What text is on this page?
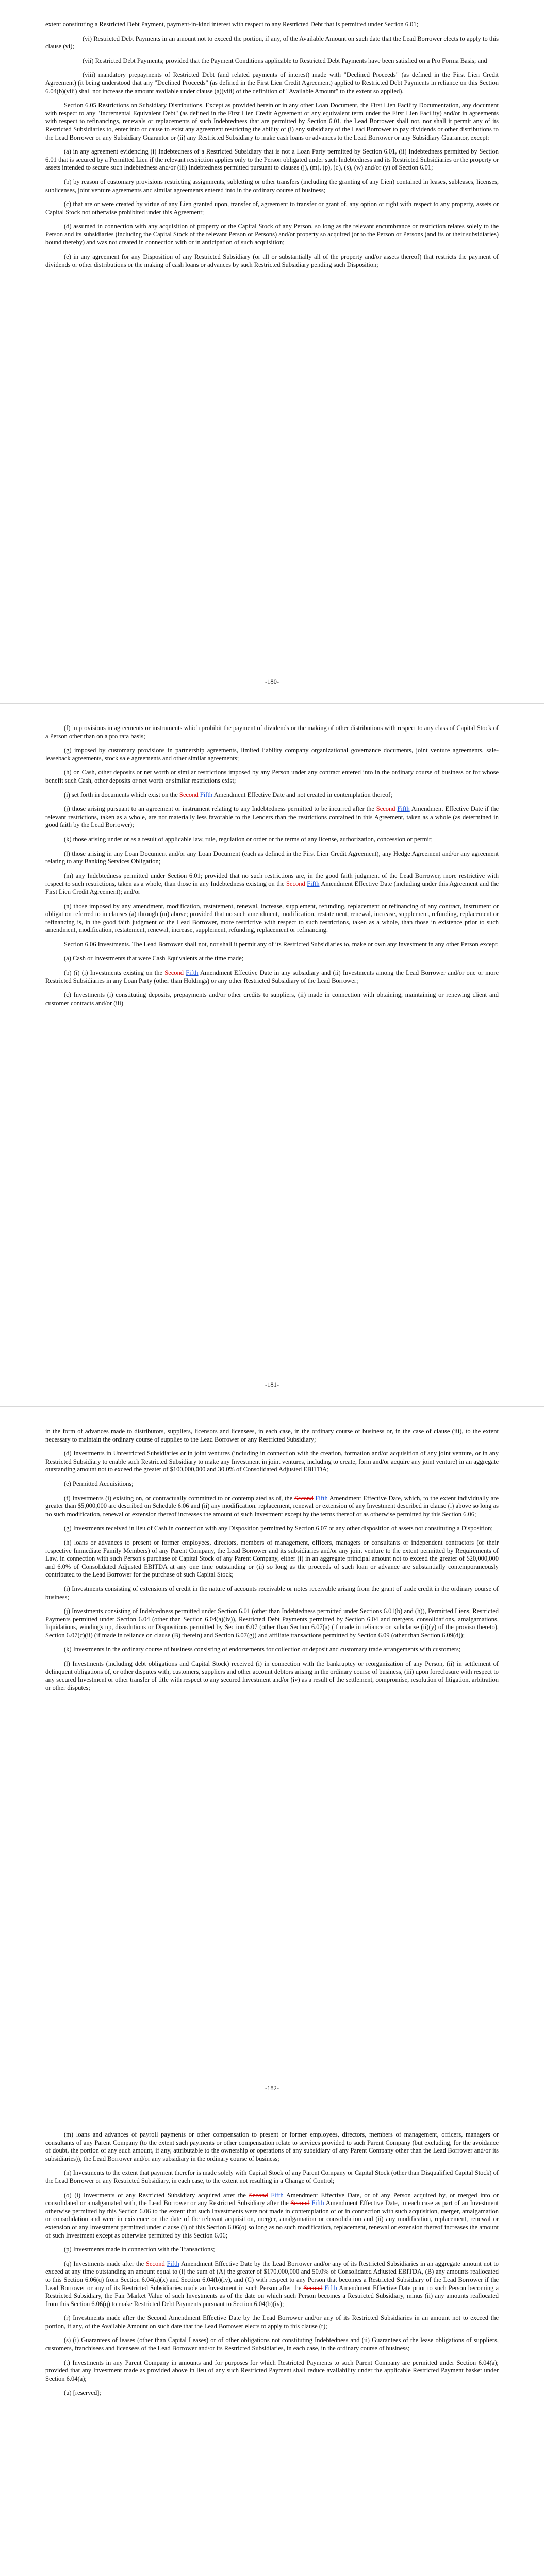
extent constituting a Restricted Debt Payment, payment-in-kind interest with respect to any Restricted Debt that is permitted under Section 6.01;

(vi) Restricted Debt Payments in an amount not to exceed the portion, if any, of the Available Amount on such date that the Lead Borrower elects to apply to this clause (vi);

(vii) Restricted Debt Payments; provided that the Payment Conditions applicable to Restricted Debt Payments have been satisfied on a Pro Forma Basis; and

(viii) mandatory prepayments of Restricted Debt (and related payments of interest) made with "Declined Proceeds" (as defined in the First Lien Credit Agreement) (it being understood that any "Declined Proceeds" (as defined in the First Lien Credit Agreement) applied to Restricted Debt Payments in reliance on this Section 6.04(b)(viii) shall not increase the amount available under clause (a)(viii) of the definition of "Available Amount" to the extent so applied).

Section 6.05 Restrictions on Subsidiary Distributions. Except as provided herein or in any other Loan Document, the First Lien Facility Documentation, any document with respect to any "Incremental Equivalent Debt" (as defined in the First Lien Credit Agreement or any equivalent term under the First Lien Facility) and/or in agreements with respect to refinancings, renewals or replacements of such Indebtedness that are permitted by Section 6.01, the Lead Borrower shall not, nor shall it permit any of its Restricted Subsidiaries to, enter into or cause to exist any agreement restricting the ability of (i) any subsidiary of the Lead Borrower to pay dividends or other distributions to the Lead Borrower or any Subsidiary Guarantor or (ii) any Restricted Subsidiary to make cash loans or advances to the Lead Borrower or any Subsidiary Guarantor, except:

(a) in any agreement evidencing (i) Indebtedness of a Restricted Subsidiary that is not a Loan Party permitted by Section 6.01, (ii) Indebtedness permitted by Section 6.01 that is secured by a Permitted Lien if the relevant restriction applies only to the Person obligated under such Indebtedness and its Restricted Subsidiaries or the property or assets intended to secure such Indebtedness and/or (iii) Indebtedness permitted pursuant to clauses (j), (m), (p), (q), (s), (w) and/or (y) of Section 6.01;

(b) by reason of customary provisions restricting assignments, subletting or other transfers (including the granting of any Lien) contained in leases, subleases, licenses, sublicenses, joint venture agreements and similar agreements entered into in the ordinary course of business;

(c) that are or were created by virtue of any Lien granted upon, transfer of, agreement to transfer or grant of, any option or right with respect to any property, assets or Capital Stock not otherwise prohibited under this Agreement;

(d) assumed in connection with any acquisition of property or the Capital Stock of any Person, so long as the relevant encumbrance or restriction relates solely to the Person and its subsidiaries (including the Capital Stock of the relevant Person or Persons) and/or property so acquired (or to the Person or Persons (and its or their subsidiaries) bound thereby) and was not created in connection with or in anticipation of such acquisition;

(e) in any agreement for any Disposition of any Restricted Subsidiary (or all or substantially all of the property and/or assets thereof) that restricts the payment of dividends or other distributions or the making of cash loans or advances by such Restricted Subsidiary pending such Disposition;

-180-

(f) in provisions in agreements or instruments which prohibit the payment of dividends or the making of other distributions with respect to any class of Capital Stock of a Person other than on a pro rata basis;

(g) imposed by customary provisions in partnership agreements, limited liability company organizational governance documents, joint venture agreements, sale-leaseback agreements, stock sale agreements and other similar agreements;

(h) on Cash, other deposits or net worth or similar restrictions imposed by any Person under any contract entered into in the ordinary course of business or for whose benefit such Cash, other deposits or net worth or similar restrictions exist;

(i) set forth in documents which exist on the Second Fifth Amendment Effective Date and not created in contemplation thereof;

(j) those arising pursuant to an agreement or instrument relating to any Indebtedness permitted to be incurred after the Second Fifth Amendment Effective Date if the relevant restrictions, taken as a whole, are not materially less favorable to the Lenders than the restrictions contained in this Agreement, taken as a whole (as determined in good faith by the Lead Borrower);

(k) those arising under or as a result of applicable law, rule, regulation or order or the terms of any license, authorization, concession or permit;

(l) those arising in any Loan Document and/or any Loan Document (each as defined in the First Lien Credit Agreement), any Hedge Agreement and/or any agreement relating to any Banking Services Obligation;

(m) any Indebtedness permitted under Section 6.01; provided that no such restrictions are, in the good faith judgment of the Lead Borrower, more restrictive with respect to such restrictions, taken as a whole, than those in any Indebtedness existing on the Second Fifth Amendment Effective Date (including under this Agreement and the First Lien Credit Agreement); and/or

(n) those imposed by any amendment, modification, restatement, renewal, increase, supplement, refunding, replacement or refinancing of any contract, instrument or obligation referred to in clauses (a) through (m) above; provided that no such amendment, modification, restatement, renewal, increase, supplement, refunding, replacement or refinancing is, in the good faith judgment of the Lead Borrower, more restrictive with respect to such restrictions, taken as a whole, than those in existence prior to such amendment, modification, restatement, renewal, increase, supplement, refunding, replacement or refinancing.

Section 6.06 Investments. The Lead Borrower shall not, nor shall it permit any of its Restricted Subsidiaries to, make or own any Investment in any other Person except:

(a) Cash or Investments that were Cash Equivalents at the time made;

(b) (i) (i) Investments existing on the Second Fifth Amendment Effective Date in any subsidiary and (ii) Investments among the Lead Borrower and/or one or more Restricted Subsidiaries in any Loan Party (other than Holdings) or any other Restricted Subsidiary of the Lead Borrower;

(c) Investments (i) constituting deposits, prepayments and/or other credits to suppliers, (ii) made in connection with obtaining, maintaining or renewing client and customer contracts and/or (iii)

-181-

in the form of advances made to distributors, suppliers, licensors and licensees, in each case, in the ordinary course of business or, in the case of clause (iii), to the extent necessary to maintain the ordinary course of supplies to the Lead Borrower or any Restricted Subsidiary;

(d) Investments in Unrestricted Subsidiaries or in joint ventures (including in connection with the creation, formation and/or acquisition of any joint venture, or in any Restricted Subsidiary to enable such Restricted Subsidiary to make any Investment in joint ventures, including to create, form and/or acquire any joint venture) in an aggregate outstanding amount not to exceed the greater of $100,000,000 and 30.0% of Consolidated Adjusted EBITDA;

(e) Permitted Acquisitions;

(f) Investments (i) existing on, or contractually committed to or contemplated as of, the Second Fifth Amendment Effective Date, which, to the extent individually are greater than $5,000,000 are described on Schedule 6.06 and (ii) any modification, replacement, renewal or extension of any Investment described in clause (i) above so long as no such modification, renewal or extension thereof increases the amount of such Investment except by the terms thereof or as otherwise permitted by this Section 6.06;

(g) Investments received in lieu of Cash in connection with any Disposition permitted by Section 6.07 or any other disposition of assets not constituting a Disposition;

(h) loans or advances to present or former employees, directors, members of management, officers, managers or consultants or independent contractors (or their respective Immediate Family Members) of any Parent Company, the Lead Borrower and its subsidiaries and/or any joint venture to the extent permitted by Requirements of Law, in connection with such Person's purchase of Capital Stock of any Parent Company, either (i) in an aggregate principal amount not to exceed the greater of $20,000,000 and 6.0% of Consolidated Adjusted EBITDA at any one time outstanding or (ii) so long as the proceeds of such loan or advance are substantially contemporaneously contributed to the Lead Borrower for the purchase of such Capital Stock;

(i) Investments consisting of extensions of credit in the nature of accounts receivable or notes receivable arising from the grant of trade credit in the ordinary course of business;

(j) Investments consisting of Indebtedness permitted under Section 6.01 (other than Indebtedness permitted under Sections 6.01(b) and (h)), Permitted Liens, Restricted Payments permitted under Section 6.04 (other than Section 6.04(a)(iv)), Restricted Debt Payments permitted by Section 6.04 and mergers, consolidations, amalgamations, liquidations, windings up, dissolutions or Dispositions permitted by Section 6.07 (other than Section 6.07(a) (if made in reliance on subclause (ii)(y) of the proviso thereto), Section 6.07(c)(ii) (if made in reliance on clause (B) therein) and Section 6.07(g)) and affiliate transactions permitted by Section 6.09 (other than Section 6.09(d));

(k) Investments in the ordinary course of business consisting of endorsements for collection or deposit and customary trade arrangements with customers;

(l) Investments (including debt obligations and Capital Stock) received (i) in connection with the bankruptcy or reorganization of any Person, (ii) in settlement of delinquent obligations of, or other disputes with, customers, suppliers and other account debtors arising in the ordinary course of business, (iii) upon foreclosure with respect to any secured Investment or other transfer of title with respect to any secured Investment and/or (iv) as a result of the settlement, compromise, resolution of litigation, arbitration or other disputes;

-182-

(m) loans and advances of payroll payments or other compensation to present or former employees, directors, members of management, officers, managers or consultants of any Parent Company (to the extent such payments or other compensation relate to services provided to such Parent Company (but excluding, for the avoidance of doubt, the portion of any such amount, if any, attributable to the ownership or operations of any subsidiary of any Parent Company other than the Lead Borrower and/or its subsidiaries)), the Lead Borrower and/or any subsidiary in the ordinary course of business;

(n) Investments to the extent that payment therefor is made solely with Capital Stock of any Parent Company or Capital Stock (other than Disqualified Capital Stock) of the Lead Borrower or any Restricted Subsidiary, in each case, to the extent not resulting in a Change of Control;

(o) (i) Investments of any Restricted Subsidiary acquired after the Second Fifth Amendment Effective Date, or of any Person acquired by, or merged into or consolidated or amalgamated with, the Lead Borrower or any Restricted Subsidiary after the Second Fifth Amendment Effective Date, in each case as part of an Investment otherwise permitted by this Section 6.06 to the extent that such Investments were not made in contemplation of or in connection with such acquisition, merger, amalgamation or consolidation and were in existence on the date of the relevant acquisition, merger, amalgamation or consolidation and (ii) any modification, replacement, renewal or extension of any Investment permitted under clause (i) of this Section 6.06(o) so long as no such modification, replacement, renewal or extension thereof increases the amount of such Investment except as otherwise permitted by this Section 6.06;

(p) Investments made in connection with the Transactions;

(q) Investments made after the Second Fifth Amendment Effective Date by the Lead Borrower and/or any of its Restricted Subsidiaries in an aggregate amount not to exceed at any time outstanding an amount equal to (i) the sum of (A) the greater of $170,000,000 and 50.0% of Consolidated Adjusted EBITDA, (B) any amounts reallocated to this Section 6.06(q) from Section 6.04(a)(x) and Section 6.04(b)(iv), and (C) with respect to any Person that becomes a Restricted Subsidiary of the Lead Borrower if the Lead Borrower or any of its Restricted Subsidiaries made an Investment in such Person after the Second Fifth Amendment Effective Date prior to such Person becoming a Restricted Subsidiary, the Fair Market Value of such Investments as of the date on which such Person becomes a Restricted Subsidiary, minus (ii) any amounts reallocated from this Section 6.06(q) to make Restricted Debt Payments pursuant to Section 6.04(b)(iv);

(r) Investments made after the Second Amendment Effective Date by the Lead Borrower and/or any of its Restricted Subsidiaries in an amount not to exceed the portion, if any, of the Available Amount on such date that the Lead Borrower elects to apply to this clause (r);

(s) (i) Guarantees of leases (other than Capital Leases) or of other obligations not constituting Indebtedness and (ii) Guarantees of the lease obligations of suppliers, customers, franchisees and licensees of the Lead Borrower and/or its Restricted Subsidiaries, in each case, in the ordinary course of business;

(t) Investments in any Parent Company in amounts and for purposes for which Restricted Payments to such Parent Company are permitted under Section 6.04(a); provided that any Investment made as provided above in lieu of any such Restricted Payment shall reduce availability under the applicable Restricted Payment basket under Section 6.04(a);

(u) [reserved];
